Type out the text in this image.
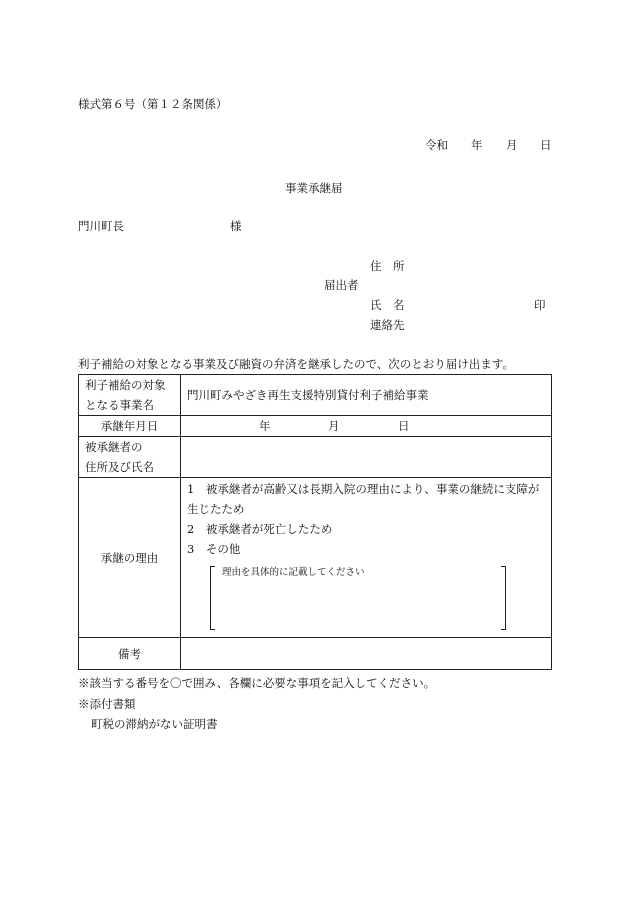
様式第６号（第１２条関係）
令和 年 月 日
事業承継届
門川町長	様
住　所
届出者
氏　名	印
連絡先
利子補給の対象となる事業及び融資の弁済を継承したので、次のとおり届け出ます。
利子補給の対象
となる事業名	門川町みやざき再生支援特別貸付利子補給事業
承継年月日	年 月 日

被承継者の
住所及び氏名	

承継の理由	1　被承継者が高齢又は長期入院の理由により、事業の継続に支障が
生じたため
2　被承継者が死亡したため
3　その他
理由を具体的に記載してください

備考	
※該当する番号を〇で囲み、各欄に必要な事項を記入してください。
※添付書類
町税の滞納がない証明書
